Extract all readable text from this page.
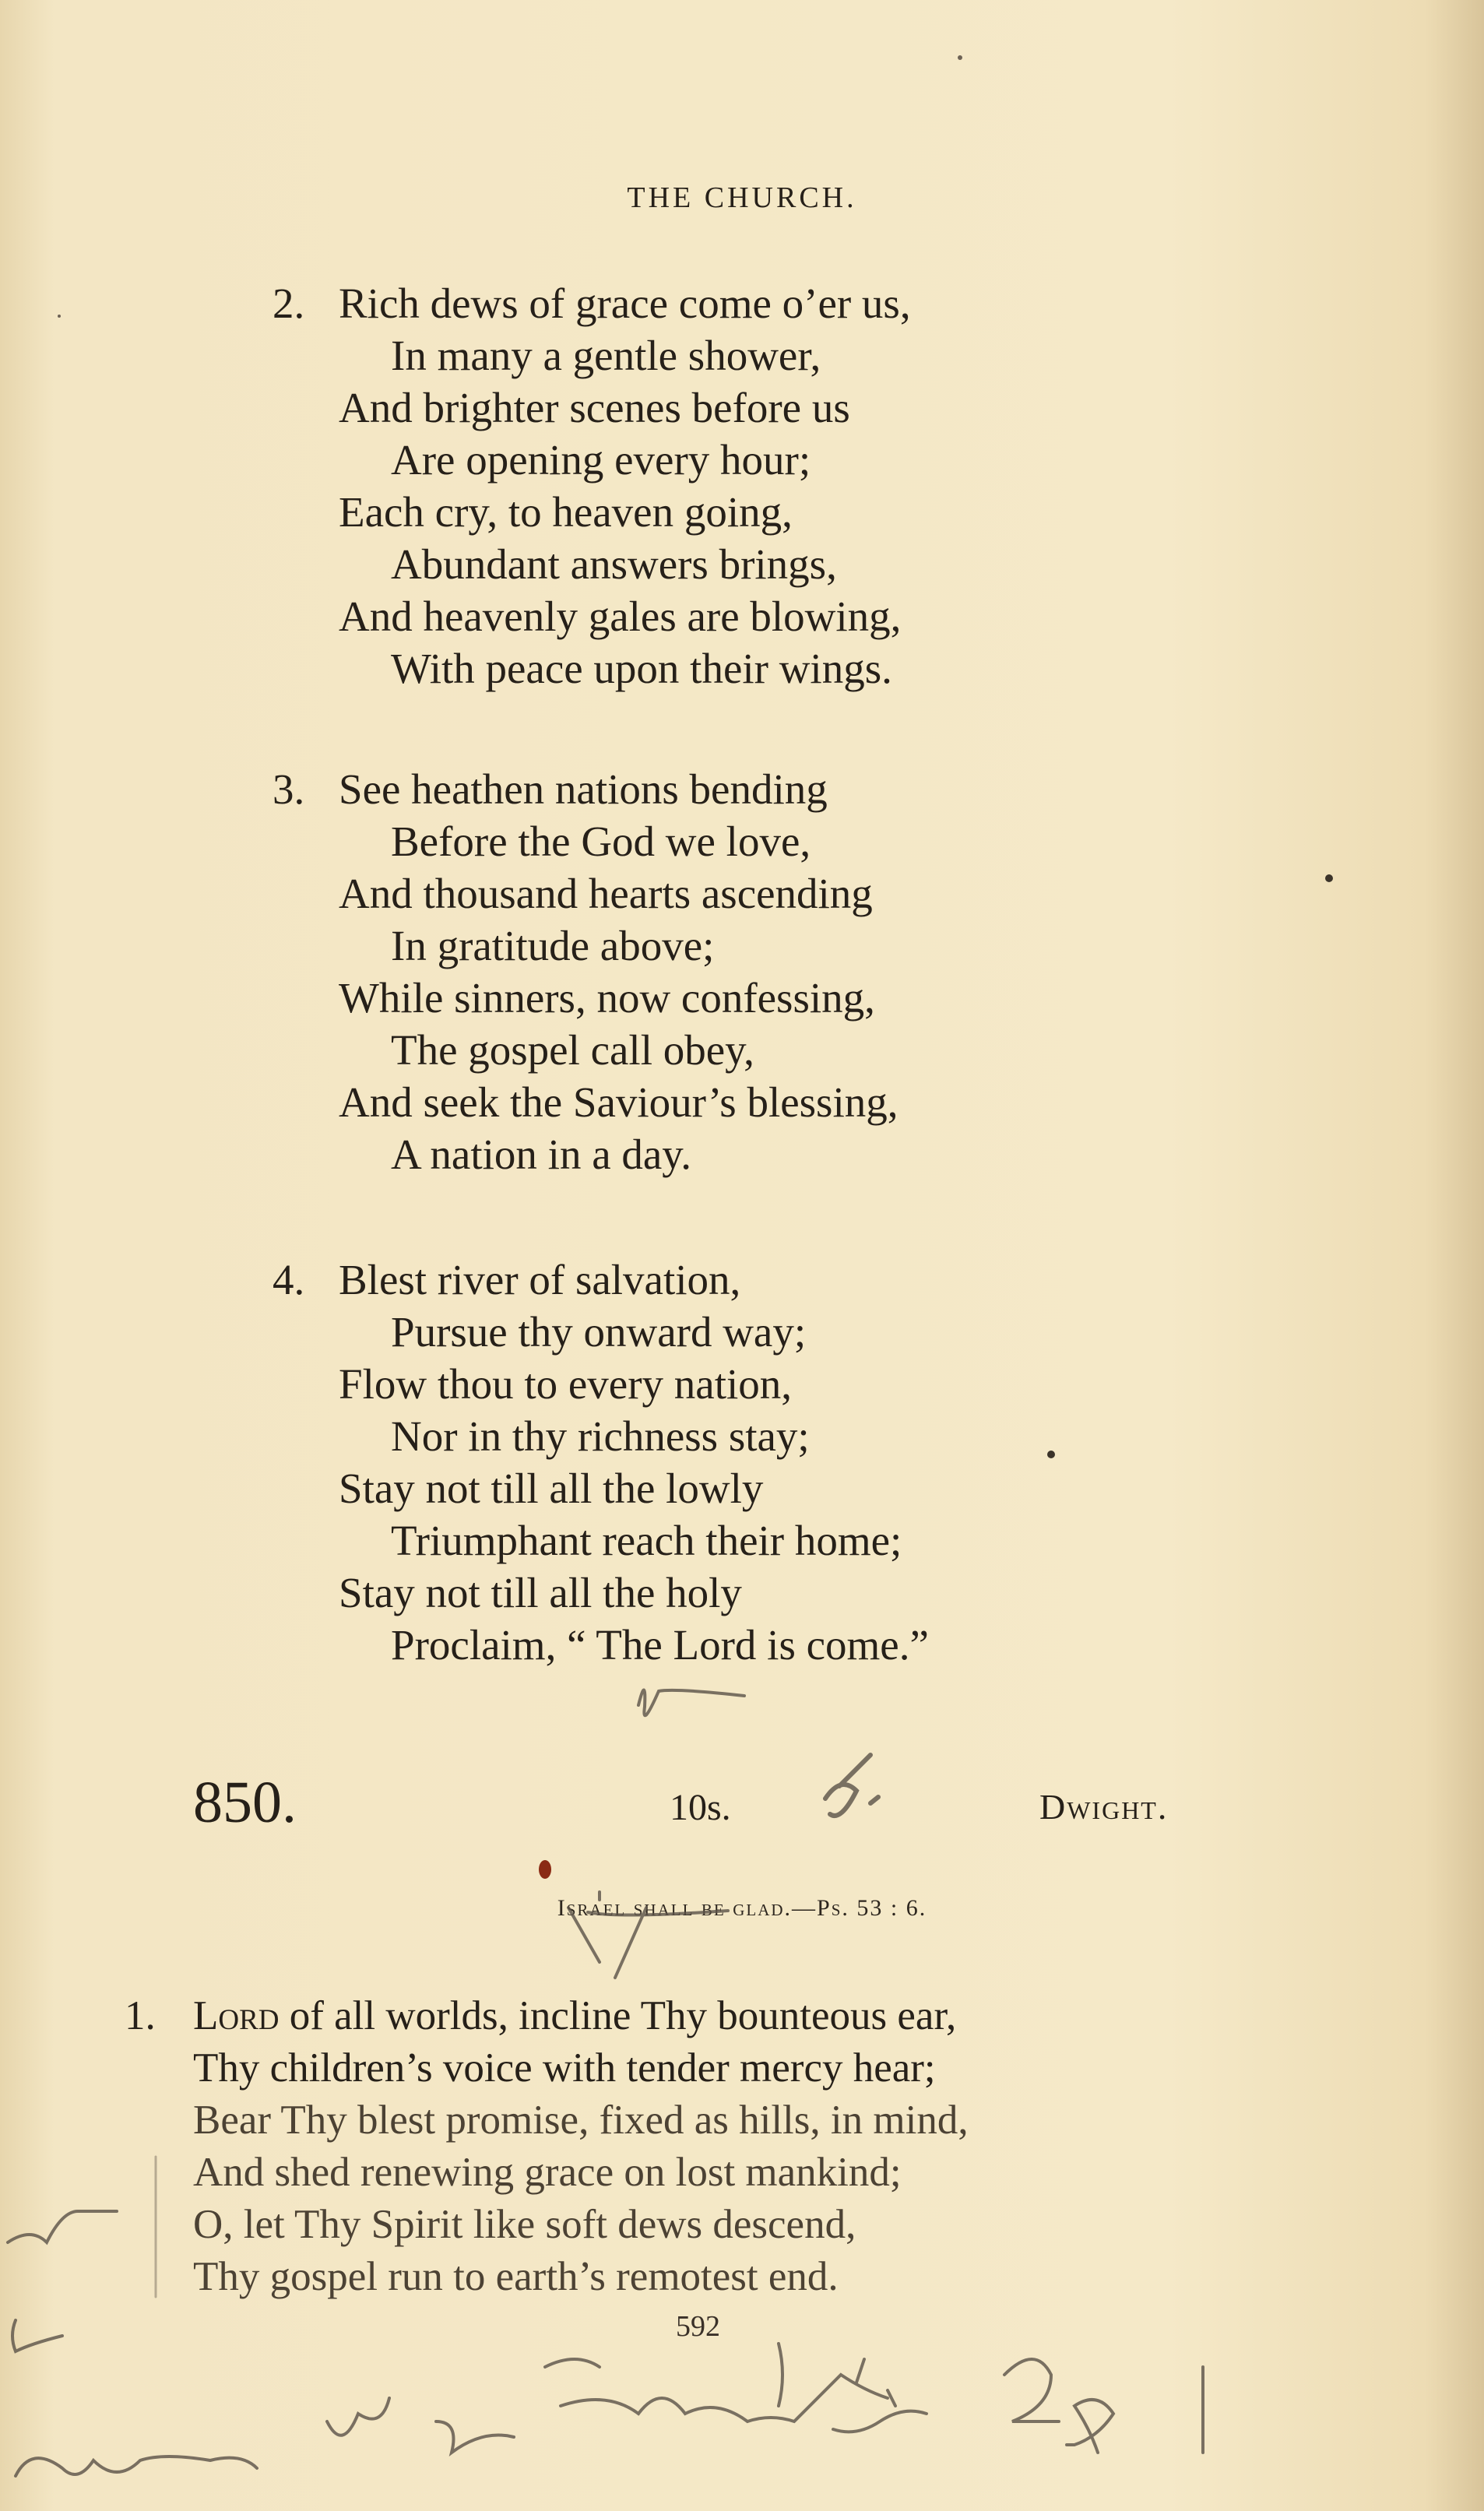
THE CHURCH.
2. Rich dews of grace come o’er us,
In many a gentle shower,
And brighter scenes before us
Are opening every hour;
Each cry, to heaven going,
Abundant answers brings,
And heavenly gales are blowing,
With peace upon their wings.
3. See heathen nations bending
Before the God we love,
And thousand hearts ascending
In gratitude above;
While sinners, now confessing,
The gospel call obey,
And seek the Saviour’s blessing,
A nation in a day.
4. Blest river of salvation,
Pursue thy onward way;
Flow thou to every nation,
Nor in thy richness stay;
Stay not till all the lowly
Triumphant reach their home;
Stay not till all the holy
Proclaim, “ The Lord is come.”
850.	10s.	Dwight.
Israel shall be glad.—Ps. 53 : 6.
1. Lord of all worlds, incline Thy bounteous ear,
Thy children’s voice with tender mercy hear;
Bear Thy blest promise, fixed as hills, in mind,
And shed renewing grace on lost mankind;
O, let Thy Spirit like soft dews descend,
Thy gospel run to earth’s remotest end.
592
